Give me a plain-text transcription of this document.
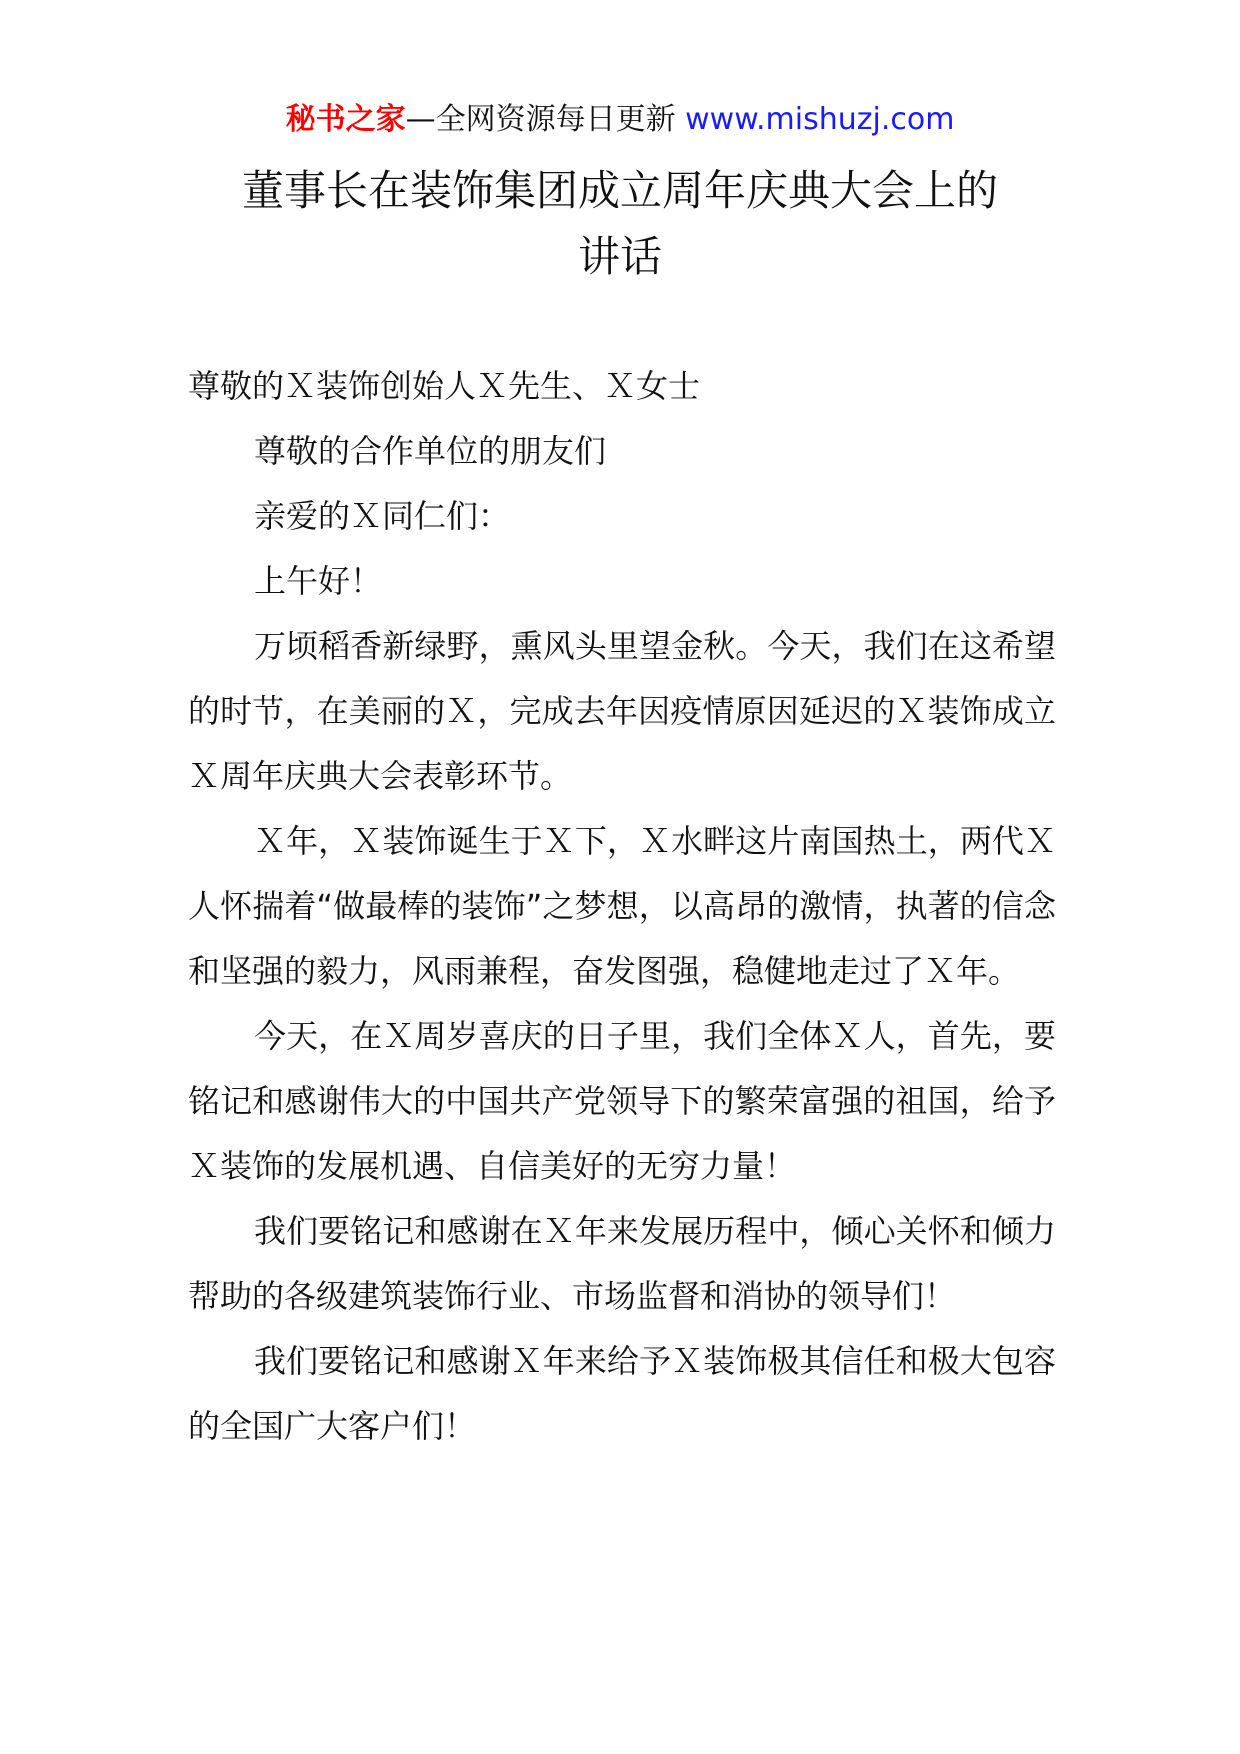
秘书之家—全网资源每日更新 www.mishuzj.com
董事长在装饰集团成立周年庆典大会上的
讲话

尊敬的Ｘ装饰创始人Ｘ先生、Ｘ女士

尊敬的合作单位的朋友们

亲爱的Ｘ同仁们：

上午好！

万顷稻香新绿野，熏风头里望金秋。今天，我们在这希望的时节，在美丽的Ｘ，完成去年因疫情原因延迟的Ｘ装饰成立Ｘ周年庆典大会表彰环节。

Ｘ年，Ｘ装饰诞生于Ｘ下，Ｘ水畔这片南国热土，两代Ｘ人怀揣着“做最棒的装饰”之梦想，以高昂的激情，执著的信念和坚强的毅力，风雨兼程，奋发图强，稳健地走过了Ｘ年。

今天，在Ｘ周岁喜庆的日子里，我们全体Ｘ人，首先，要铭记和感谢伟大的中国共产党领导下的繁荣富强的祖国，给予Ｘ装饰的发展机遇、自信美好的无穷力量！

我们要铭记和感谢在Ｘ年来发展历程中，倾心关怀和倾力帮助的各级建筑装饰行业、市场监督和消协的领导们！

我们要铭记和感谢Ｘ年来给予Ｘ装饰极其信任和极大包容的全国广大客户们！
